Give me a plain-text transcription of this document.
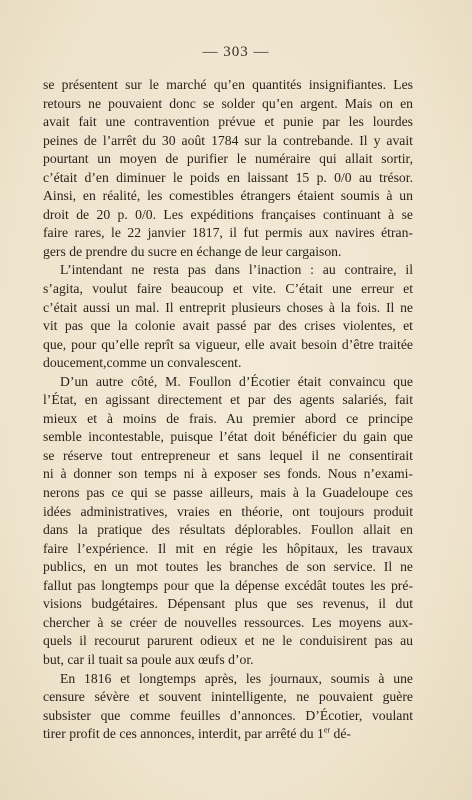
— 303 —
se présentent sur le marché qu’en quantités insignifiantes. Les
retours ne pouvaient donc se solder qu’en argent. Mais on en
avait fait une contravention prévue et punie par les lourdes
peines de l’arrêt du 30 août 1784 sur la contrebande. Il y avait
pourtant un moyen de purifier le numéraire qui allait sortir,
c’était d’en diminuer le poids en laissant 15 p. 0/0 au trésor.
Ainsi, en réalité, les comestibles étrangers étaient soumis à un
droit de 20 p. 0/0. Les expéditions françaises continuant à se
faire rares, le 22 janvier 1817, il fut permis aux navires étran-
gers de prendre du sucre en échange de leur cargaison.
L’intendant ne resta pas dans l’inaction : au contraire, il
s’agita, voulut faire beaucoup et vite. C’était une erreur et
c’était aussi un mal. Il entreprit plusieurs choses à la fois. Il ne
vit pas que la colonie avait passé par des crises violentes, et
que, pour qu’elle reprît sa vigueur, elle avait besoin d’être traitée
doucement,comme un convalescent.
D’un autre côté, M. Foullon d’Écotier était convaincu que
l’État, en agissant directement et par des agents salariés, fait
mieux et à moins de frais. Au premier abord ce principe
semble incontestable, puisque l’état doit bénéficier du gain que
se réserve tout entrepreneur et sans lequel il ne consentirait
ni à donner son temps ni à exposer ses fonds. Nous n’exami-
nerons pas ce qui se passe ailleurs, mais à la Guadeloupe ces
idées administratives, vraies en théorie, ont toujours produit
dans la pratique des résultats déplorables. Foullon allait en
faire l’expérience. Il mit en régie les hôpitaux, les travaux
publics, en un mot toutes les branches de son service. Il ne
fallut pas longtemps pour que la dépense excédât toutes les pré-
visions budgétaires. Dépensant plus que ses revenus, il dut
chercher à se créer de nouvelles ressources. Les moyens aux-
quels il recourut parurent odieux et ne le conduisirent pas au
but, car il tuait sa poule aux œufs d’or.
En 1816 et longtemps après, les journaux, soumis à une
censure sévère et souvent inintelligente, ne pouvaient guère
subsister que comme feuilles d’annonces. D’Écotier, voulant
tirer profit de ces annonces, interdit, par arrêté du 1er dé-
